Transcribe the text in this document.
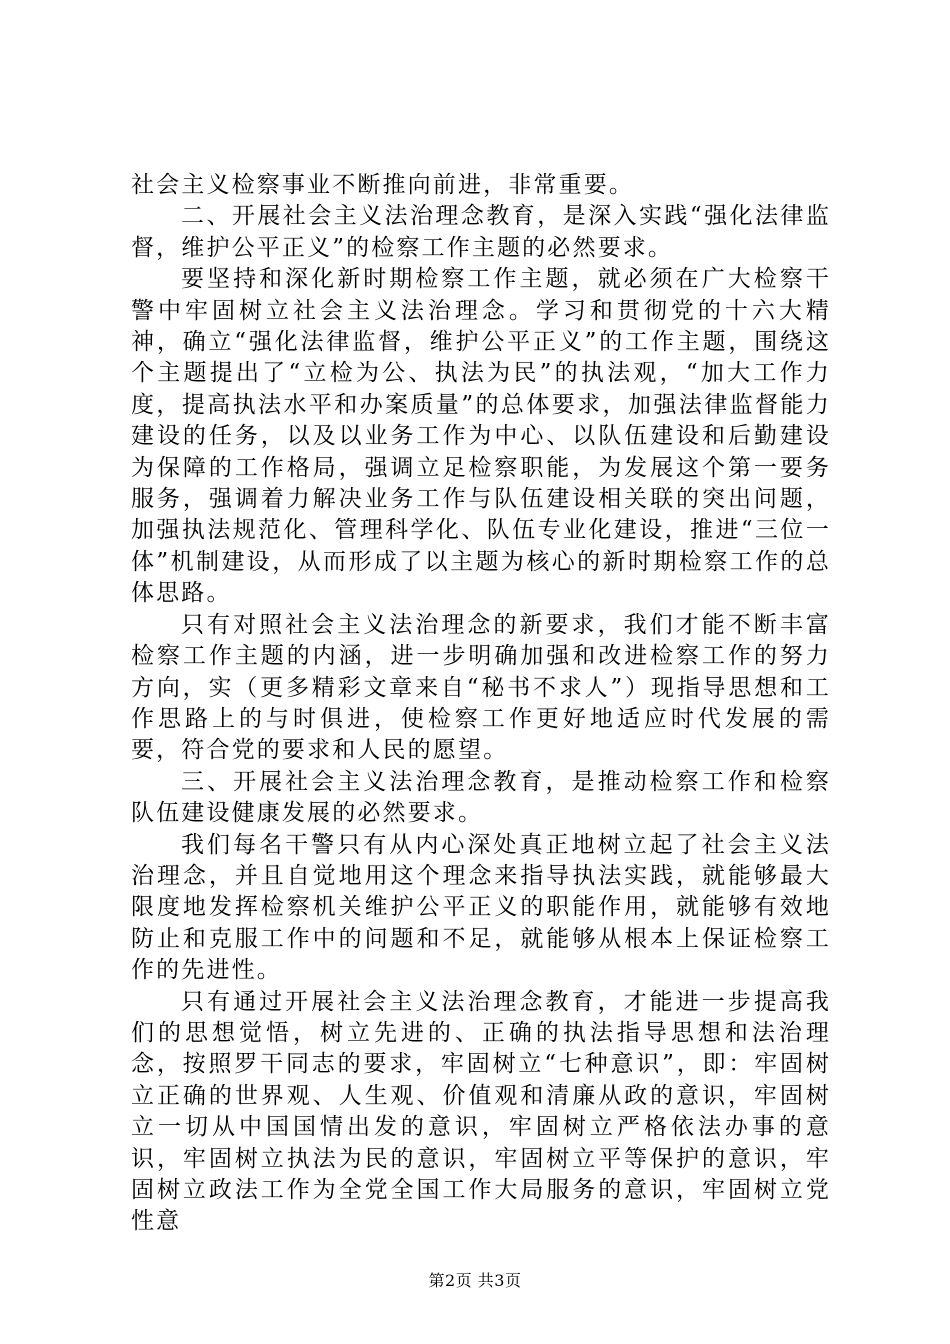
社会主义检察事业不断推向前进，非常重要。

二、开展社会主义法治理念教育，是深入实践“强化法律监督，维护公平正义”的检察工作主题的必然要求。

要坚持和深化新时期检察工作主题，就必须在广大检察干警中牢固树立社会主义法治理念。学习和贯彻党的十六大精神，确立“强化法律监督，维护公平正义”的工作主题，围绕这个主题提出了“立检为公、执法为民”的执法观，“加大工作力度，提高执法水平和办案质量”的总体要求，加强法律监督能力建设的任务，以及以业务工作为中心、以队伍建设和后勤建设为保障的工作格局，强调立足检察职能，为发展这个第一要务服务，强调着力解决业务工作与队伍建设相关联的突出问题，加强执法规范化、管理科学化、队伍专业化建设，推进“三位一体”机制建设，从而形成了以主题为核心的新时期检察工作的总体思路。

只有对照社会主义法治理念的新要求，我们才能不断丰富检察工作主题的内涵，进一步明确加强和改进检察工作的努力方向，实（更多精彩文章来自“秘书不求人”）现指导思想和工作思路上的与时俱进，使检察工作更好地适应时代发展的需要，符合党的要求和人民的愿望。

三、开展社会主义法治理念教育，是推动检察工作和检察队伍建设健康发展的必然要求。

我们每名干警只有从内心深处真正地树立起了社会主义法治理念，并且自觉地用这个理念来指导执法实践，就能够最大限度地发挥检察机关维护公平正义的职能作用，就能够有效地防止和克服工作中的问题和不足，就能够从根本上保证检察工作的先进性。

只有通过开展社会主义法治理念教育，才能进一步提高我们的思想觉悟，树立先进的、正确的执法指导思想和法治理念，按照罗干同志的要求，牢固树立“七种意识”，即：牢固树立正确的世界观、人生观、价值观和清廉从政的意识，牢固树立一切从中国国情出发的意识，牢固树立严格依法办事的意识，牢固树立执法为民的意识，牢固树立平等保护的意识，牢固树立政法工作为全党全国工作大局服务的意识，牢固树立党性意

第2页 共3页
